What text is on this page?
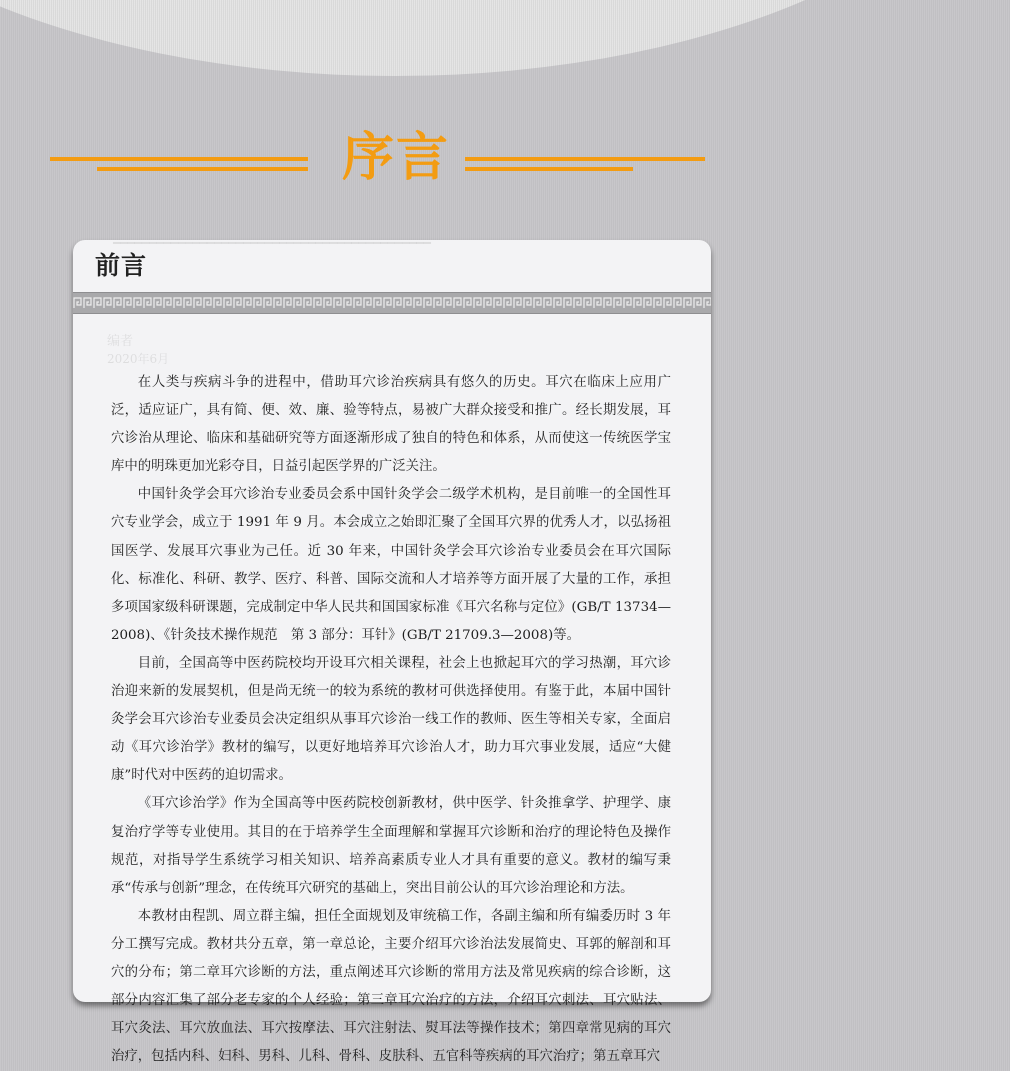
序言
━━━━━━━━━━━━━━━━━━━━━━━━━━━━━━━━━━━━━━━━━━━━
编者
2020年6月
前言

在人类与疾病斗争的进程中，借助耳穴诊治疾病具有悠久的历史。耳穴在临床上应用广泛，适应证广，具有简、便、效、廉、验等特点，易被广大群众接受和推广。经长期发展，耳穴诊治从理论、临床和基础研究等方面逐渐形成了独自的特色和体系，从而使这一传统医学宝库中的明珠更加光彩夺目，日益引起医学界的广泛关注。

中国针灸学会耳穴诊治专业委员会系中国针灸学会二级学术机构，是目前唯一的全国性耳穴专业学会，成立于 1991 年 9 月。本会成立之始即汇聚了全国耳穴界的优秀人才，以弘扬祖国医学、发展耳穴事业为己任。近 30 年来，中国针灸学会耳穴诊治专业委员会在耳穴国际化、标准化、科研、教学、医疗、科普、国际交流和人才培养等方面开展了大量的工作，承担多项国家级科研课题，完成制定中华人民共和国国家标准《耳穴名称与定位》(GB/T 13734—2008)、《针灸技术操作规范　第 3 部分：耳针》(GB/T 21709.3—2008)等。

目前，全国高等中医药院校均开设耳穴相关课程，社会上也掀起耳穴的学习热潮，耳穴诊治迎来新的发展契机，但是尚无统一的较为系统的教材可供选择使用。有鉴于此，本届中国针灸学会耳穴诊治专业委员会决定组织从事耳穴诊治一线工作的教师、医生等相关专家，全面启动《耳穴诊治学》教材的编写，以更好地培养耳穴诊治人才，助力耳穴事业发展，适应“大健康”时代对中医药的迫切需求。

《耳穴诊治学》作为全国高等中医药院校创新教材，供中医学、针灸推拿学、护理学、康复治疗学等专业使用。其目的在于培养学生全面理解和掌握耳穴诊断和治疗的理论特色及操作规范，对指导学生系统学习相关知识、培养高素质专业人才具有重要的意义。教材的编写秉承“传承与创新”理念，在传统耳穴研究的基础上，突出目前公认的耳穴诊治理论和方法。

本教材由程凯、周立群主编，担任全面规划及审统稿工作，各副主编和所有编委历时 3 年分工撰写完成。教材共分五章，第一章总论，主要介绍耳穴诊治法发展简史、耳郭的解剖和耳穴的分布；第二章耳穴诊断的方法，重点阐述耳穴诊断的常用方法及常见疾病的综合诊断，这部分内容汇集了部分老专家的个人经验；第三章耳穴治疗的方法，介绍耳穴刺法、耳穴贴法、耳穴灸法、耳穴放血法、耳穴按摩法、耳穴注射法、熨耳法等操作技术；第四章常见病的耳穴治疗，包括内科、妇科、男科、儿科、骨科、皮肤科、五官科等疾病的耳穴治疗；第五章耳穴
